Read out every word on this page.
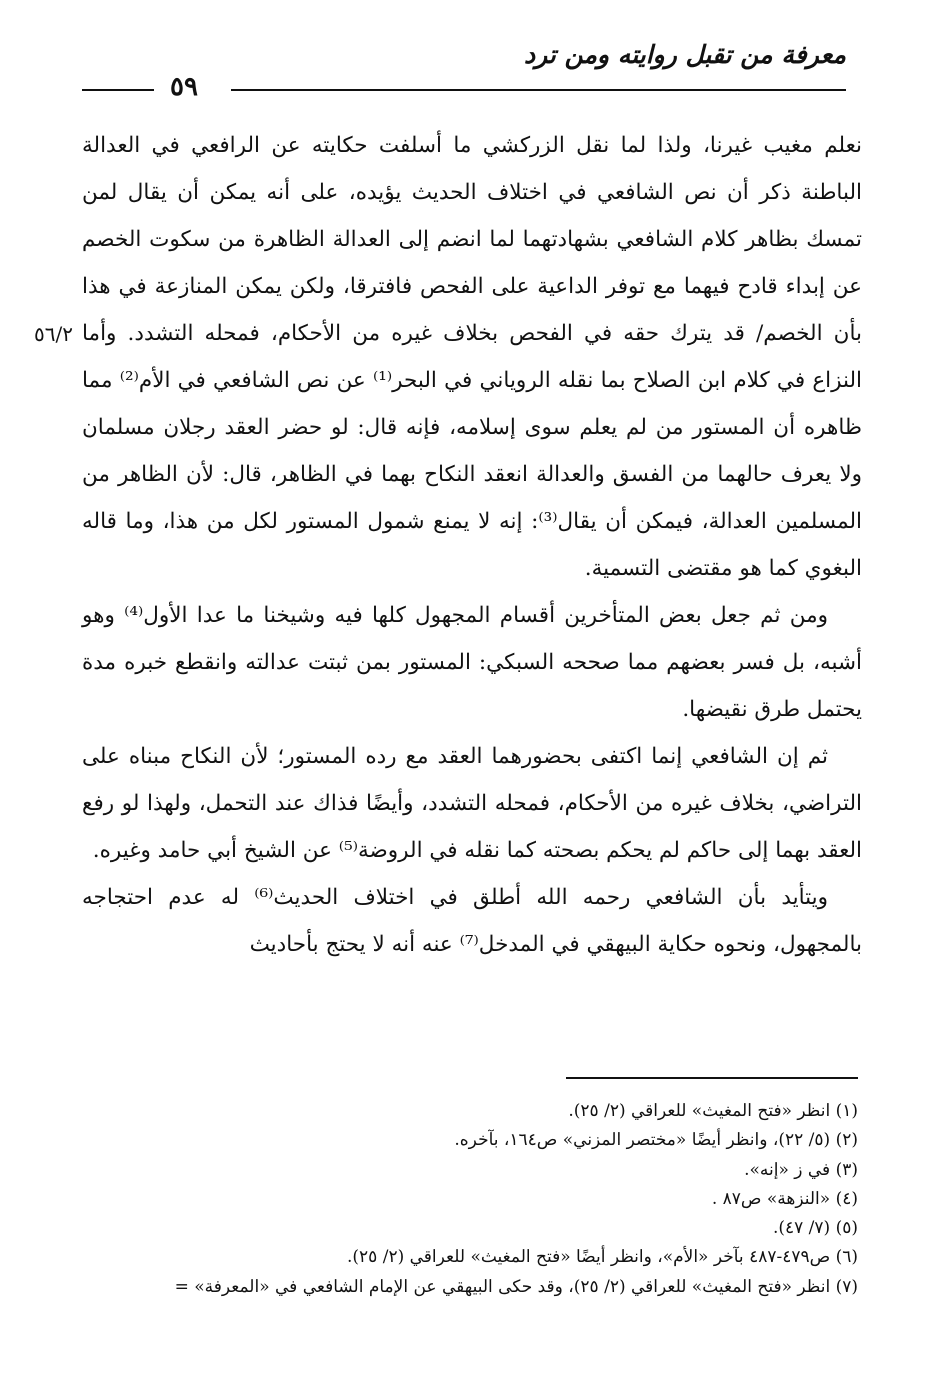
معرفة من تقبل روايته ومن ترد
٥٩
٥٦/٢

نعلم مغيب غيرنا، ولذا لما نقل الزركشي ما أسلفت حكايته عن الرافعي في العدالة الباطنة ذكر أن نص الشافعي في اختلاف الحديث يؤيده، على أنه يمكن أن يقال لمن تمسك بظاهر كلام الشافعي بشهادتهما لما انضم إلى العدالة الظاهرة من سكوت الخصم عن إبداء قادح فيهما مع توفر الداعية على الفحص فافترقا، ولكن يمكن المنازعة في هذا بأن الخصم/ قد يترك حقه في الفحص بخلاف غيره من الأحكام، فمحله التشدد. وأما النزاع في كلام ابن الصلاح بما نقله الروياني في البحر⁽¹⁾ عن نص الشافعي في الأم⁽²⁾ مما ظاهره أن المستور من لم يعلم سوى إسلامه، فإنه قال: لو حضر العقد رجلان مسلمان ولا يعرف حالهما من الفسق والعدالة انعقد النكاح بهما في الظاهر، قال: لأن الظاهر من المسلمين العدالة، فيمكن أن يقال⁽³⁾: إنه لا يمنع شمول المستور لكل من هذا، وما قاله البغوي كما هو مقتضى التسمية.

ومن ثم جعل بعض المتأخرين أقسام المجهول كلها فيه وشيخنا ما عدا الأول⁽⁴⁾ وهو أشبه، بل فسر بعضهم مما صححه السبكي: المستور بمن ثبتت عدالته وانقطع خبره مدة يحتمل طرق نقيضها.

ثم إن الشافعي إنما اكتفى بحضورهما العقد مع رده المستور؛ لأن النكاح مبناه على التراضي، بخلاف غيره من الأحكام، فمحله التشدد، وأيضًا فذاك عند التحمل، ولهذا لو رفع العقد بهما إلى حاكم لم يحكم بصحته كما نقله في الروضة⁽⁵⁾ عن الشيخ أبي حامد وغيره.

ويتأيد بأن الشافعي رحمه الله أطلق في اختلاف الحديث⁽⁶⁾ له عدم احتجاجه بالمجهول، ونحوه حكاية البيهقي في المدخل⁽⁷⁾ عنه أنه لا يحتج بأحاديث

(١) انظر «فتح المغيث» للعراقي (٢/ ٢٥).

(٢) (٥/ ٢٢)، وانظر أيضًا «مختصر المزني» ص١٦٤، بآخره.

(٣) في ز «إنه».

(٤) «النزهة» ص٨٧ .

(٥) (٧/ ٤٧).

(٦) ص٤٧٩-٤٨٧ بآخر «الأم»، وانظر أيضًا «فتح المغيث» للعراقي (٢/ ٢٥).

(٧) انظر «فتح المغيث» للعراقي (٢/ ٢٥)، وقد حكى البيهقي عن الإمام الشافعي في «المعرفة» =
